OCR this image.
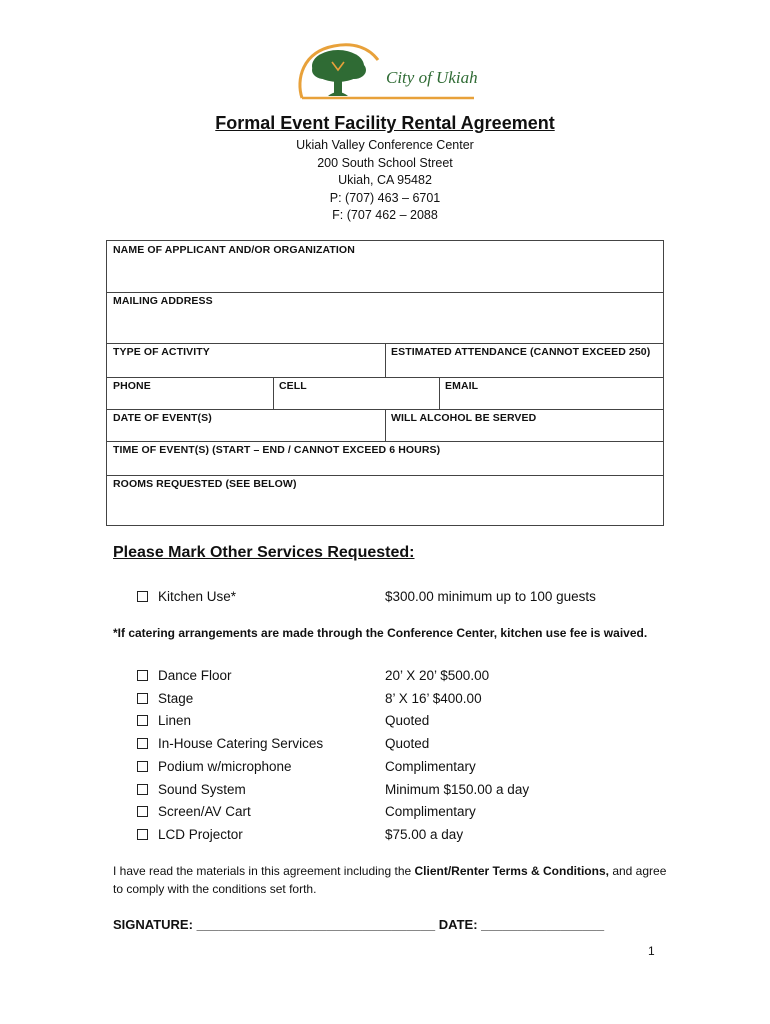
City of Ukiah
Formal Event Facility Rental Agreement
Ukiah Valley Conference Center
200 South School Street
Ukiah, CA 95482
P: (707) 463 – 6701
F: (707 462 – 2088
NAME OF APPLICANT AND/OR ORGANIZATION
MAILING ADDRESS
TYPE OF ACTIVITY	ESTIMATED ATTENDANCE (CANNOT EXCEED 250)
PHONE	CELL	EMAIL
DATE OF EVENT(S)	WILL ALCOHOL BE SERVED
TIME OF EVENT(S) (START – END / CANNOT EXCEED 6 HOURS)
ROOMS REQUESTED (SEE BELOW)
Please Mark Other Services Requested:
Kitchen Use*	$300.00 minimum up to 100 guests
*If catering arrangements are made through the Conference Center, kitchen use fee is waived.
Dance Floor	20’ X 20’ $500.00
Stage	8’ X 16’ $400.00
Linen	Quoted
In-House Catering Services	Quoted
Podium w/microphone	Complimentary
Sound System	Minimum $150.00 a day
Screen/AV Cart	Complimentary
LCD Projector	$75.00 a day
I have read the materials in this agreement including the Client/Renter Terms & Conditions, and agree to comply with the conditions set forth.
SIGNATURE: _________________________________ DATE: _________________
1
